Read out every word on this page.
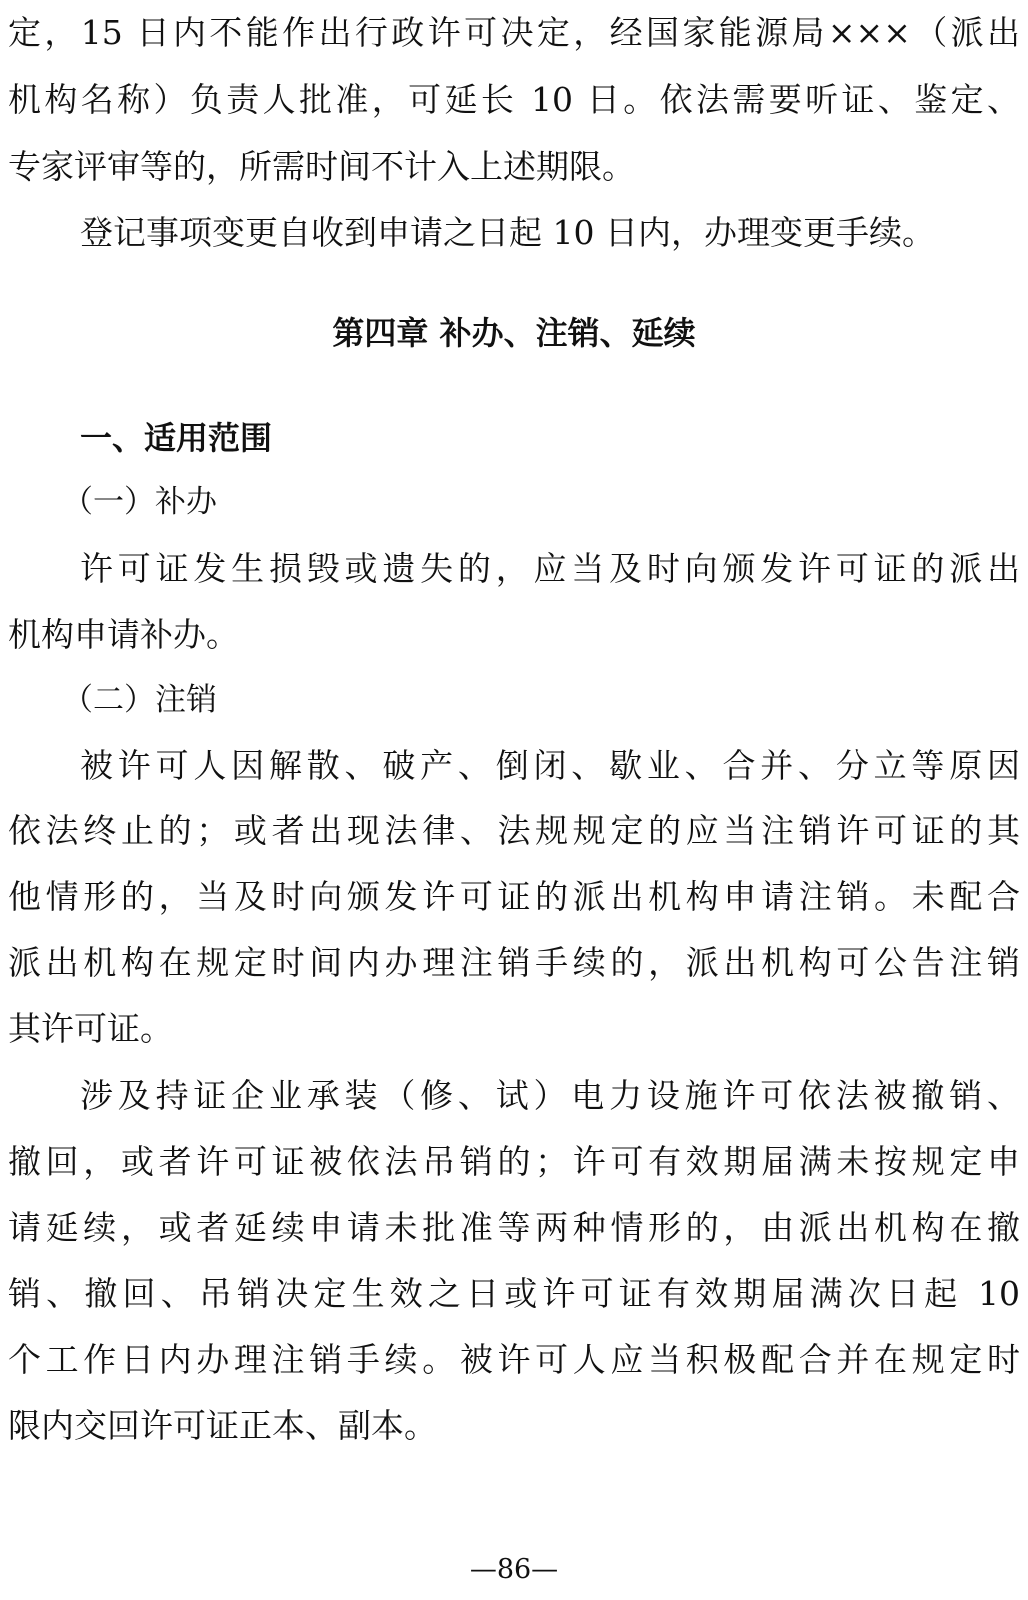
定，15 日内不能作出行政许可决定，经国家能源局×××（派出
机构名称）负责人批准，可延长 10 日。依法需要听证、鉴定、
专家评审等的，所需时间不计入上述期限。
登记事项变更自收到申请之日起 10 日内，办理变更手续。
第四章 补办、注销、延续
一、适用范围
（一）补办
许可证发生损毁或遗失的，应当及时向颁发许可证的派出
机构申请补办。
（二）注销
被许可人因解散、破产、倒闭、歇业、合并、分立等原因
依法终止的；或者出现法律、法规规定的应当注销许可证的其
他情形的，当及时向颁发许可证的派出机构申请注销。未配合
派出机构在规定时间内办理注销手续的，派出机构可公告注销
其许可证。
涉及持证企业承装（修、试）电力设施许可依法被撤销、
撤回，或者许可证被依法吊销的；许可有效期届满未按规定申
请延续，或者延续申请未批准等两种情形的，由派出机构在撤
销、撤回、吊销决定生效之日或许可证有效期届满次日起 10
个工作日内办理注销手续。被许可人应当积极配合并在规定时
限内交回许可证正本、副本。
—86—
